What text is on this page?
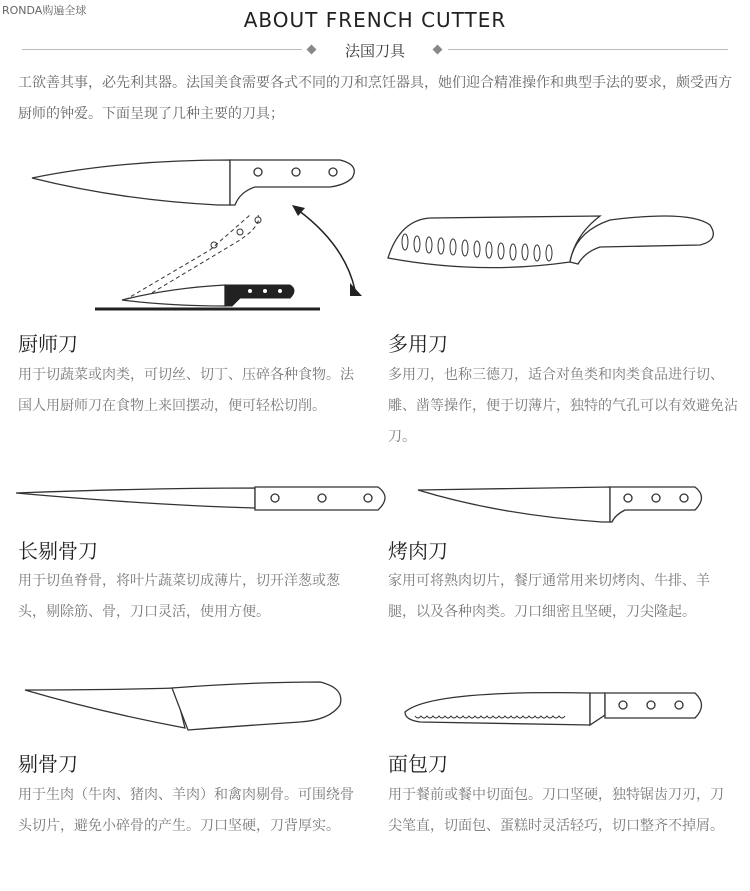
RONDA购遍全球	ABOUT FRENCH CUTTER
法国刀具
工欲善其事，必先利其器。法国美食需要各式不同的刀和烹饪器具，她们迎合精准操作和典型手法的要求，颇受西方厨师的钟爱。下面呈现了几种主要的刀具；
厨师刀
用于切蔬菜或肉类，可切丝、切丁、压碎各种食物。法国人用厨师刀在食物上来回摆动，便可轻松切削。
多用刀
多用刀，也称三德刀，适合对鱼类和肉类食品进行切、雕、凿等操作，便于切薄片，独特的气孔可以有效避免沾刀。
长剔骨刀
用于切鱼脊骨，将叶片蔬菜切成薄片，切开洋葱或葱头，剔除筋、骨，刀口灵活，使用方便。
烤肉刀
家用可将熟肉切片，餐厅通常用来切烤肉、牛排、羊腿，以及各种肉类。刀口细密且坚硬，刀尖隆起。
剔骨刀
用于生肉（牛肉、猪肉、羊肉）和禽肉剔骨。可围绕骨头切片，避免小碎骨的产生。刀口坚硬，刀背厚实。
面包刀
用于餐前或餐中切面包。刀口坚硬，独特锯齿刀刃，刀尖笔直，切面包、蛋糕时灵活轻巧，切口整齐不掉屑。
